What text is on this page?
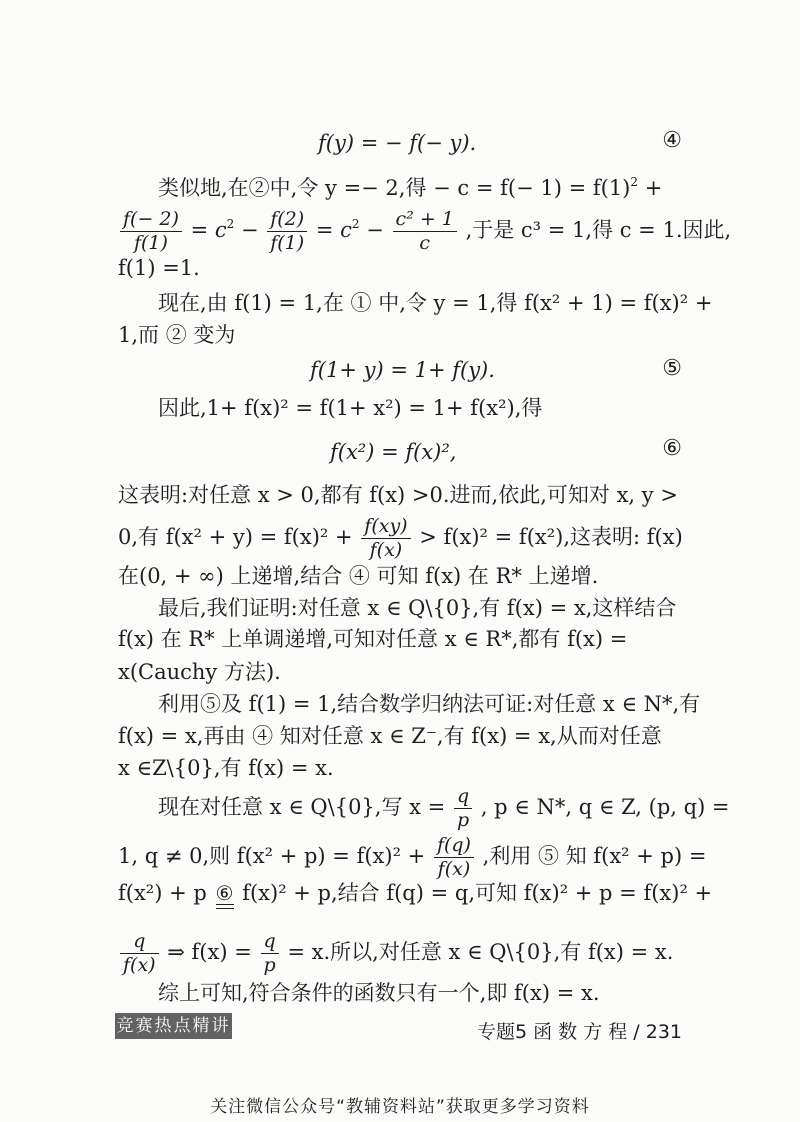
f(y) = − f(− y).	④
类似地,在②中,令 y =− 2,得 − $c = f(- 1) = f(1)^2$ +
$\frac{f(- 2)}{f(1)} = c^2 - \frac{f(2)}{f(1)} = c^2 - \frac{\text{c² + 1}}{c}$ ,于是 c³ = 1,得 c = 1.因此,
f(1) =1.
现在,由 f(1) = 1,在 ① 中,令 y = 1,得 f(x² + 1) = f(x)² +
1,而 ② 变为
f(1+ y) = 1+ f(y).	⑤
因此,1+ f(x)² = f(1+ x²) = 1+ f(x²),得
f(x²) = f(x)²,	⑥
这表明:对任意 x > 0,都有 f(x) >0.进而,依此,可知对 x, y >
0,有 $f(x^2 + y) = f(x)^2 + \frac{f(xy)}{f(x)} > f(x)^2 = f(x^2)$,这表明: f(x)
在(0, + ∞) 上递增,结合 ④ 可知 f(x) 在 R* 上递增.
最后,我们证明:对任意 x ∈ Q\{0},有 f(x) = x,这样结合
f(x) 在 R* 上单调递增,可知对任意 x ∈ R*,都有 f(x) =
x(Cauchy 方法).
利用⑤及 f(1) = 1,结合数学归纳法可证:对任意 x ∈ N*,有
f(x) = x,再由 ④ 知对任意 x ∈ Z⁻,有 f(x) = x,从而对任意
x ∈Z\{0},有 f(x) = x.
现在对任意 x ∈ Q\{0},写 $x = \frac{q}{p}$ , p ∈ N*, q ∈ Z, (p, q) =
1, q ≠ 0,则 $f(x^2 + p) = f(x)^2 + \frac{f(q)}{f(x)}$ ,利用 ⑤ 知 f(x² + p) =
f(x²) + p ⑥ f(x)² + p,结合 f(q) = q,可知 f(x)² + p = f(x)² +
$\frac{q}{f(x)}$ ⇒ $f(x) = \frac{q}{p} = x$.所以,对任意 x ∈ Q\{0},有 f(x) = x.
综上可知,符合条件的函数只有一个,即 f(x) = x.
竞赛热点精讲	专题5 函 数 方 程 / 231
关注微信公众号“教辅资料站”获取更多学习资料
